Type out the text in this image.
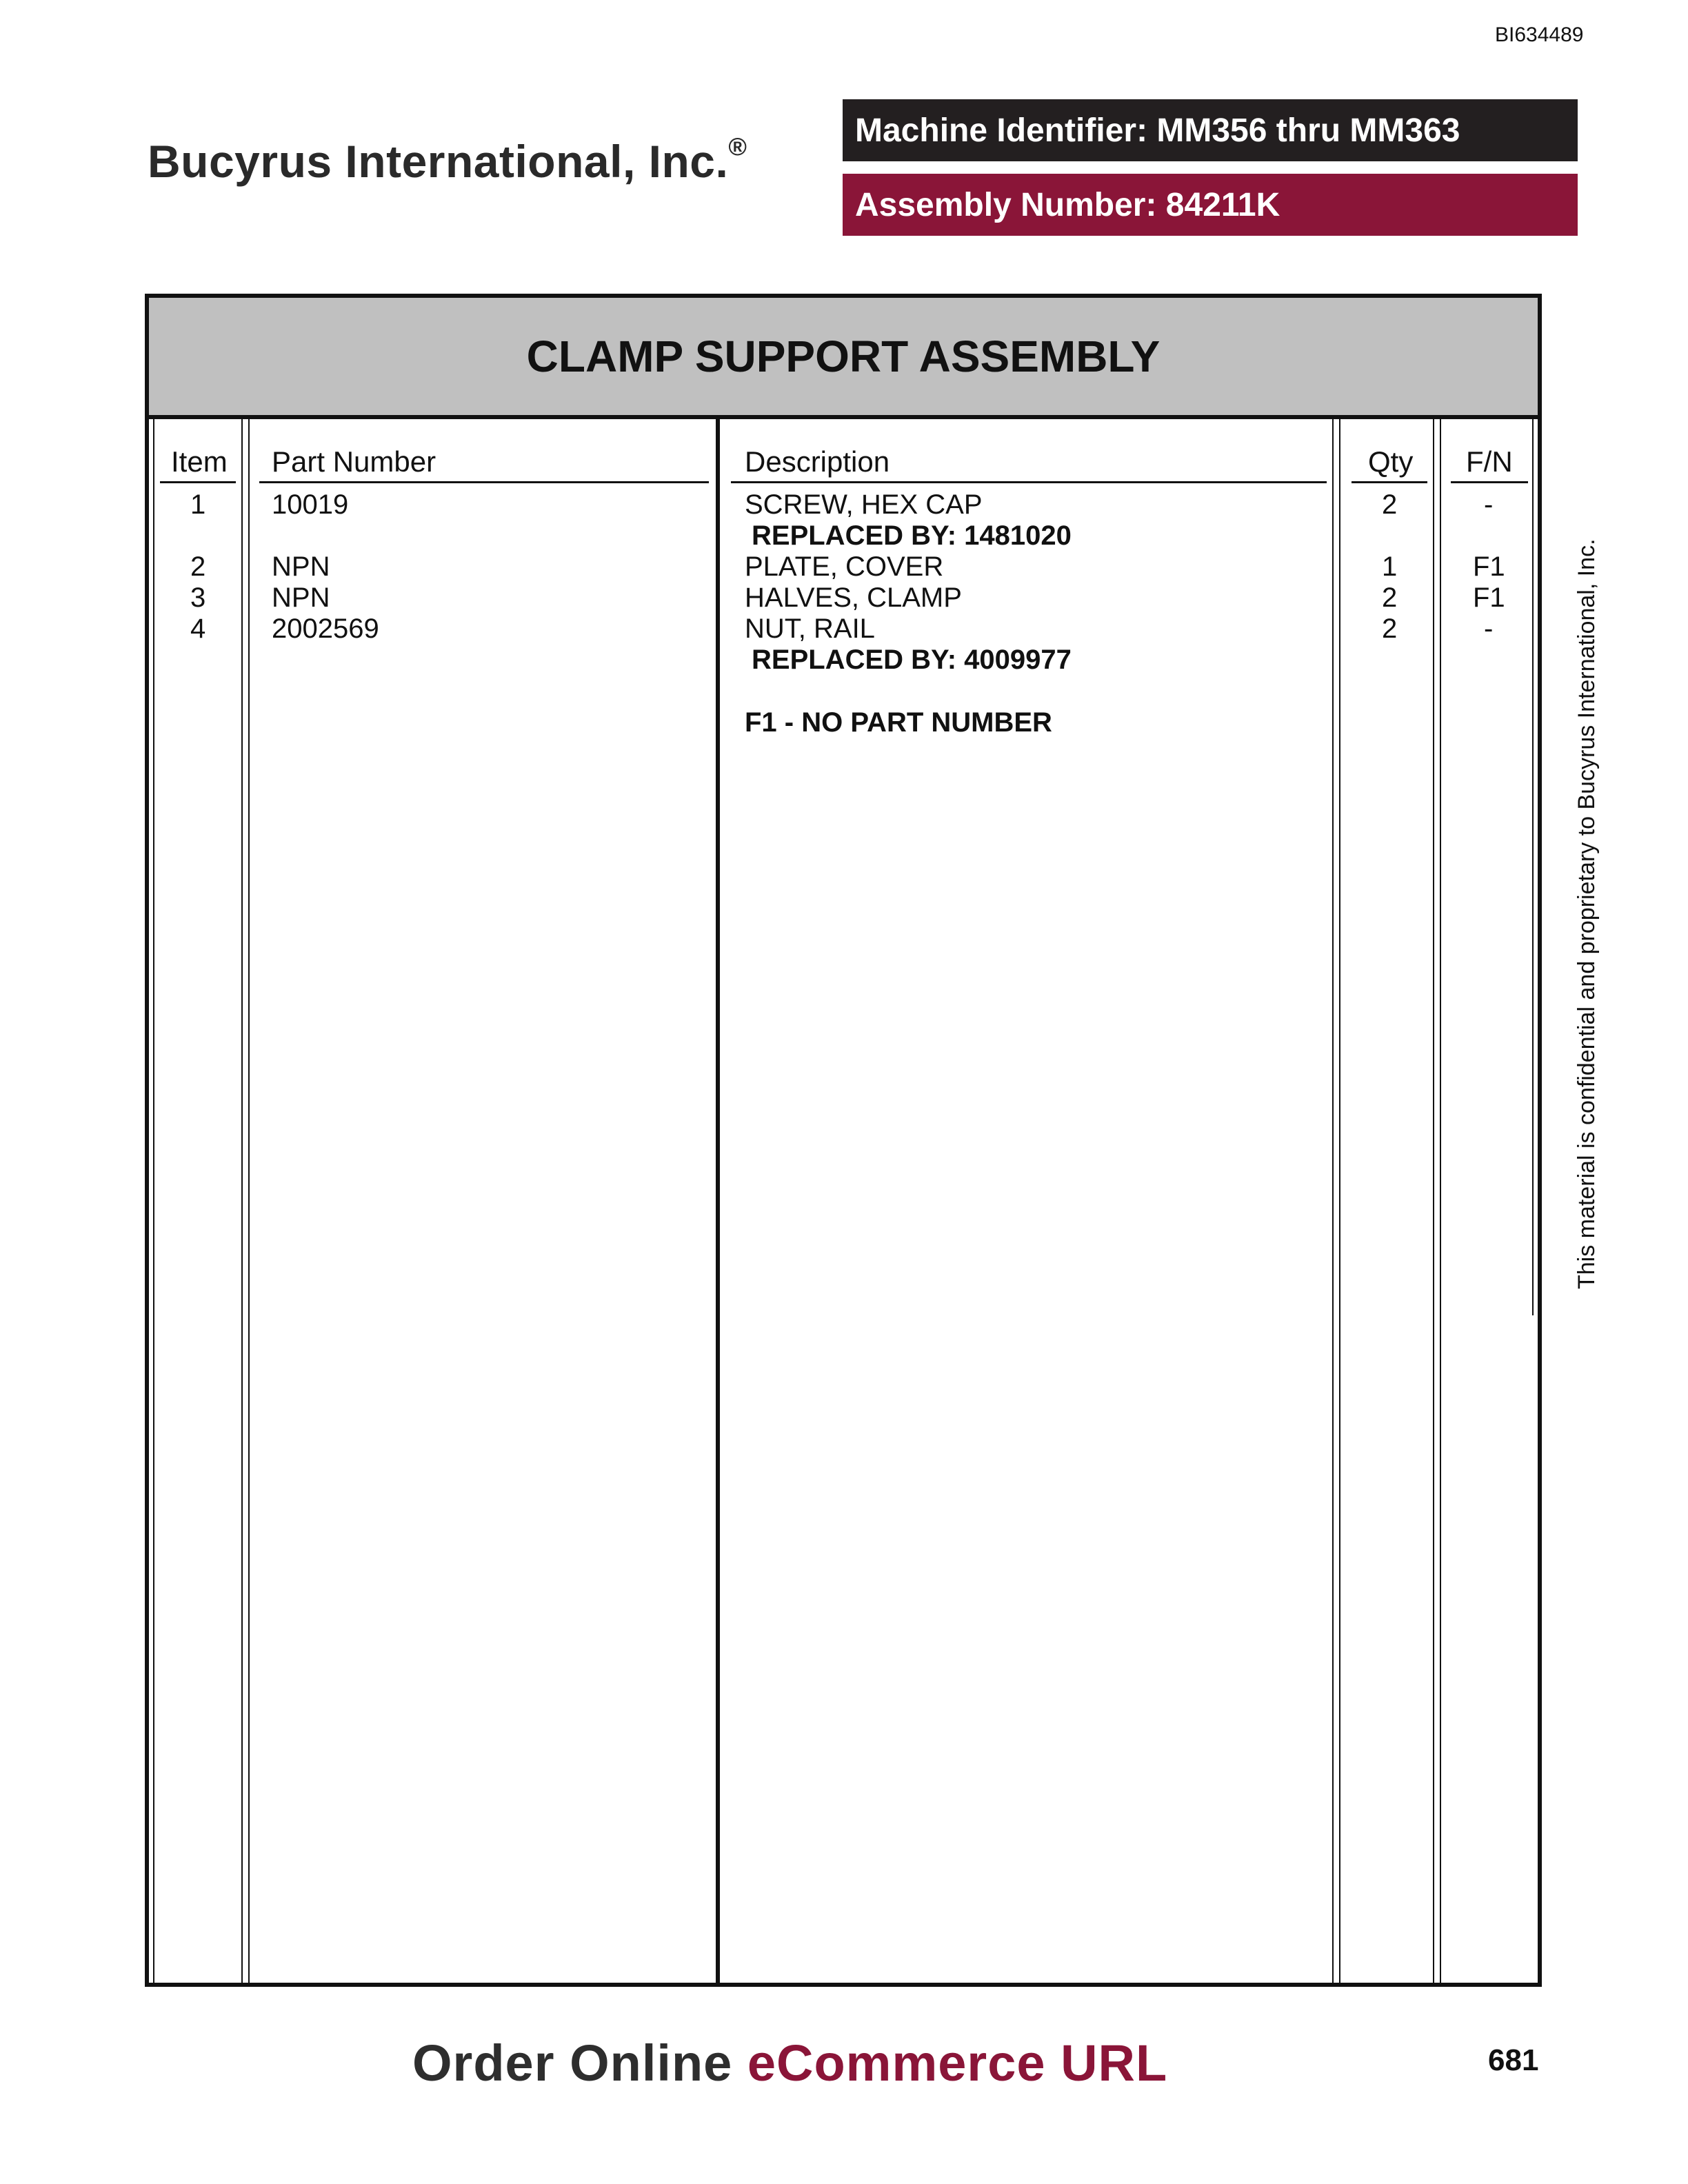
BI634489
Bucyrus International, Inc.®	Machine Identifier: MM356 thru MM363
Assembly Number: 84211K
CLAMP SUPPORT ASSEMBLY
Item Part Number	Description	Qty F/N
1 10019	SCREW, HEX CAP	2	-
REPLACED BY: 1481020
2 NPN	PLATE, COVER	1	F1
3 NPN	HALVES, CLAMP	2	F1
4 2002569	NUT, RAIL	2	-
REPLACED BY: 4009977
F1 - NO PART NUMBER	This material is confidential and proprietary to Bucyrus International, Inc.
Order Online eCommerce URL	681
